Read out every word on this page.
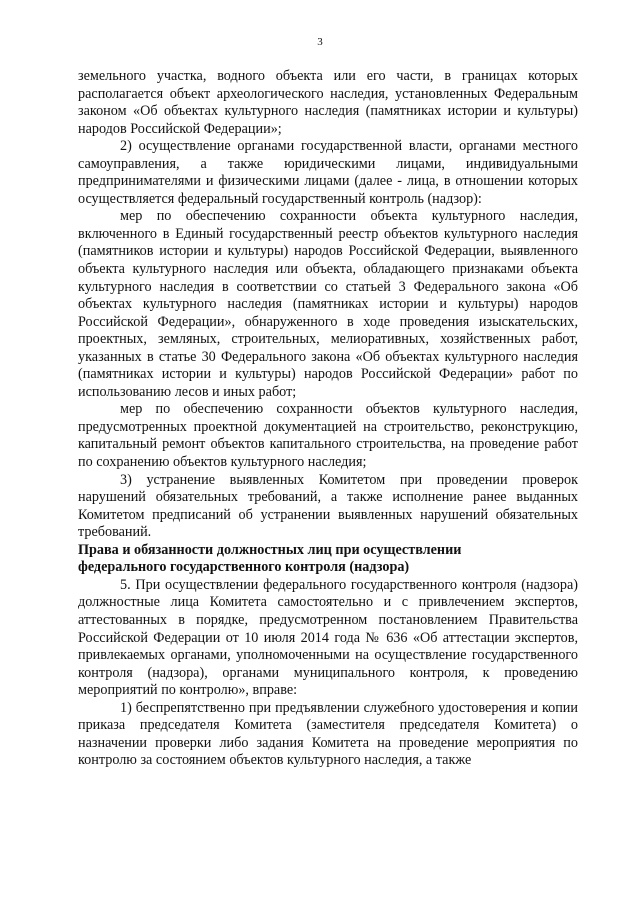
3

земельного участка, водного объекта или его части, в границах которых располагается объект археологического наследия, установленных Федеральным законом «Об объектах культурного наследия (памятниках истории и культуры) народов Российской Федерации»;

2) осуществление органами государственной власти, органами местного самоуправления, а также юридическими лицами, индивидуальными предпринимателями и физическими лицами (далее - лица, в отношении которых осуществляется федеральный государственный контроль (надзор):

мер по обеспечению сохранности объекта культурного наследия, включенного в Единый государственный реестр объектов культурного наследия (памятников истории и культуры) народов Российской Федерации, выявленного объекта культурного наследия или объекта, обладающего признаками объекта культурного наследия в соответствии со статьей 3 Федерального закона «Об объектах культурного наследия (памятниках истории и культуры) народов Российской Федерации», обнаруженного в ходе проведения изыскательских, проектных, земляных, строительных, мелиоративных, хозяйственных работ, указанных в статье 30 Федерального закона «Об объектах культурного наследия (памятниках истории и культуры) народов Российской Федерации» работ по использованию лесов и иных работ;

мер по обеспечению сохранности объектов культурного наследия, предусмотренных проектной документацией на строительство, реконструкцию, капитальный ремонт объектов капитального строительства, на проведение работ по сохранению объектов культурного наследия;

3) устранение выявленных Комитетом при проведении проверок нарушений обязательных требований, а также исполнение ранее выданных Комитетом предписаний об устранении выявленных нарушений обязательных требований.

Права и обязанности должностных лиц при осуществлении
федерального государственного контроля (надзора)

5. При осуществлении федерального государственного контроля (надзора) должностные лица Комитета самостоятельно и с привлечением экспертов, аттестованных в порядке, предусмотренном постановлением Правительства Российской Федерации от 10 июля 2014 года № 636 «Об аттестации экспертов, привлекаемых органами, уполномоченными на осуществление государственного контроля (надзора), органами муниципального контроля, к проведению мероприятий по контролю», вправе:

1) беспрепятственно при предъявлении служебного удостоверения и копии приказа председателя Комитета (заместителя председателя Комитета) о назначении проверки либо задания Комитета на проведение мероприятия по контролю за состоянием объектов культурного наследия, а также
